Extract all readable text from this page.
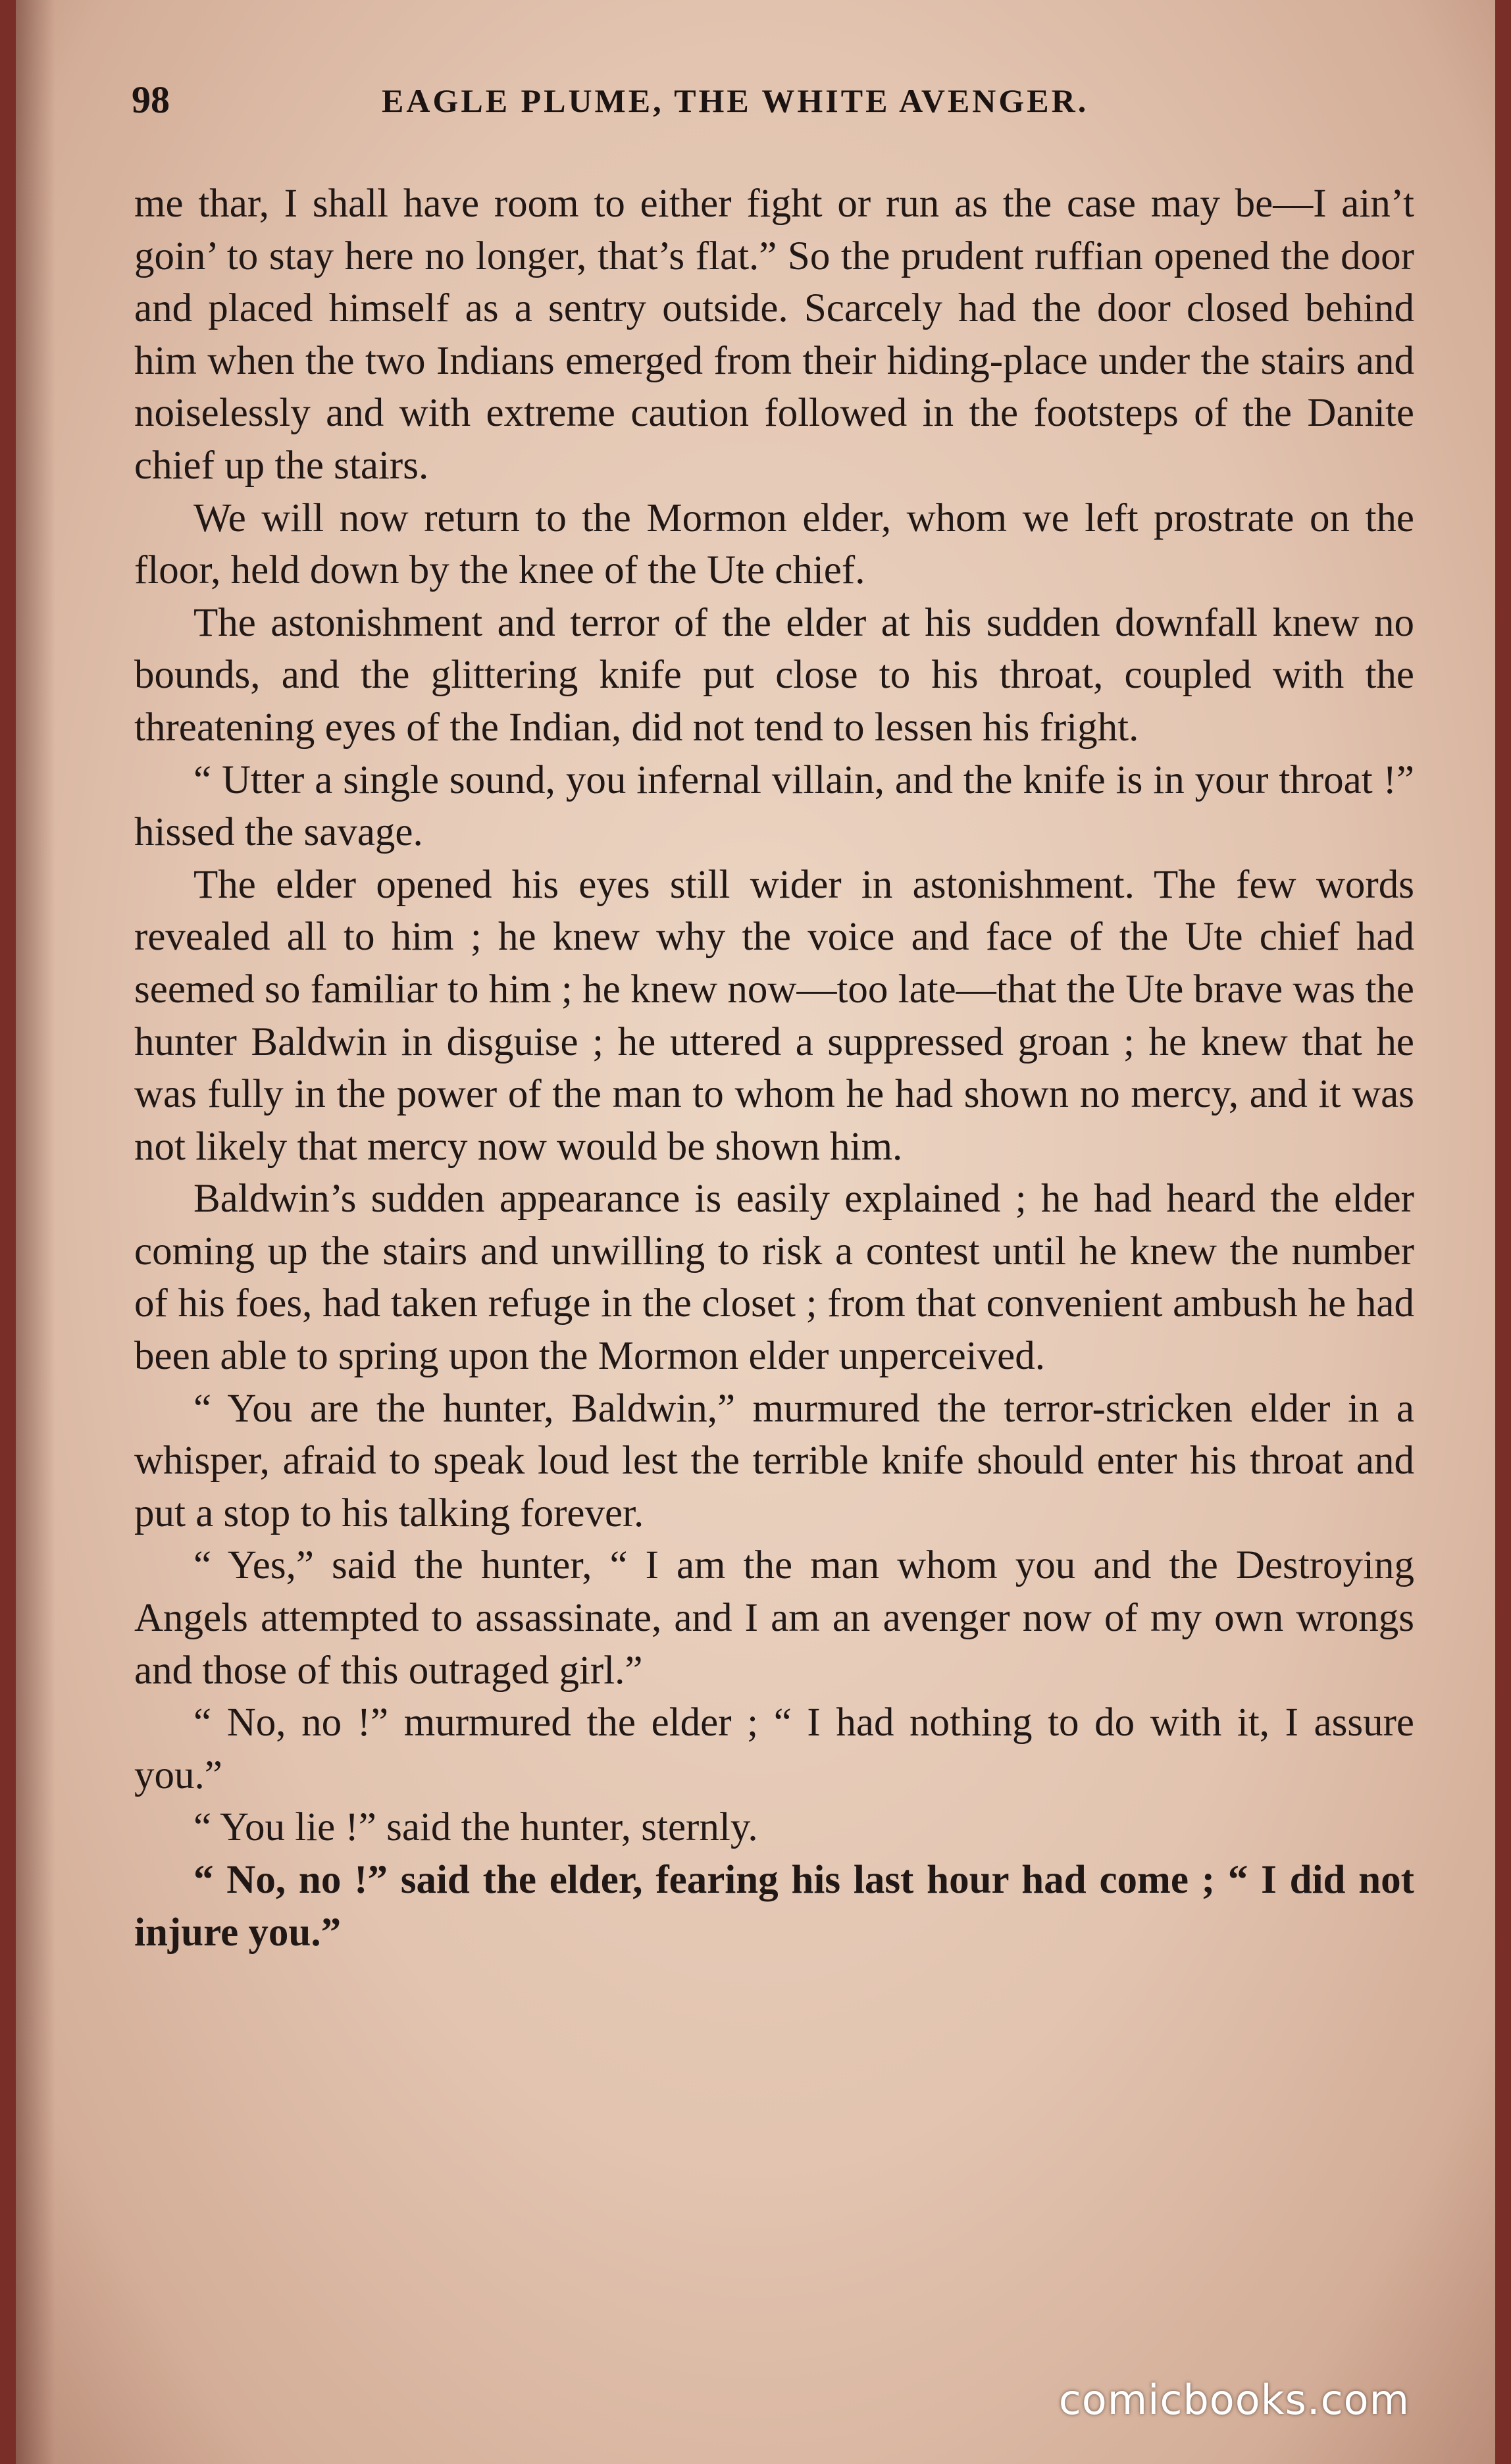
98	EAGLE PLUME, THE WHITE AVENGER.

me thar, I shall have room to either fight or run as the case may be—I ain’t goin’ to stay here no longer, that’s flat.” So the prudent ruffian opened the door and placed himself as a sentry outside. Scarcely had the door closed behind him when the two Indians emerged from their hiding-place under the stairs and noiselessly and with extreme caution followed in the footsteps of the Danite chief up the stairs.

We will now return to the Mormon elder, whom we left prostrate on the floor, held down by the knee of the Ute chief.

The astonishment and terror of the elder at his sudden downfall knew no bounds, and the glittering knife put close to his throat, coupled with the threatening eyes of the Indian, did not tend to lessen his fright.

“ Utter a single sound, you infernal villain, and the knife is in your throat !” hissed the savage.

The elder opened his eyes still wider in astonishment. The few words revealed all to him ; he knew why the voice and face of the Ute chief had seemed so familiar to him ; he knew now—too late—that the Ute brave was the hunter Baldwin in disguise ; he uttered a suppressed groan ; he knew that he was fully in the power of the man to whom he had shown no mercy, and it was not likely that mercy now would be shown him.

Baldwin’s sudden appearance is easily explained ; he had heard the elder coming up the stairs and unwilling to risk a contest until he knew the number of his foes, had taken refuge in the closet ; from that convenient ambush he had been able to spring upon the Mormon elder unperceived.

“ You are the hunter, Baldwin,” murmured the terror-stricken elder in a whisper, afraid to speak loud lest the terrible knife should enter his throat and put a stop to his talking forever.

“ Yes,” said the hunter, “ I am the man whom you and the Destroying Angels attempted to assassinate, and I am an avenger now of my own wrongs and those of this outraged girl.”

“ No, no !” murmured the elder ; “ I had nothing to do with it, I assure you.”

“ You lie !” said the hunter, sternly.

“ No, no !” said the elder, fearing his last hour had come ; “ I did not injure you.”

comicbooks.com
